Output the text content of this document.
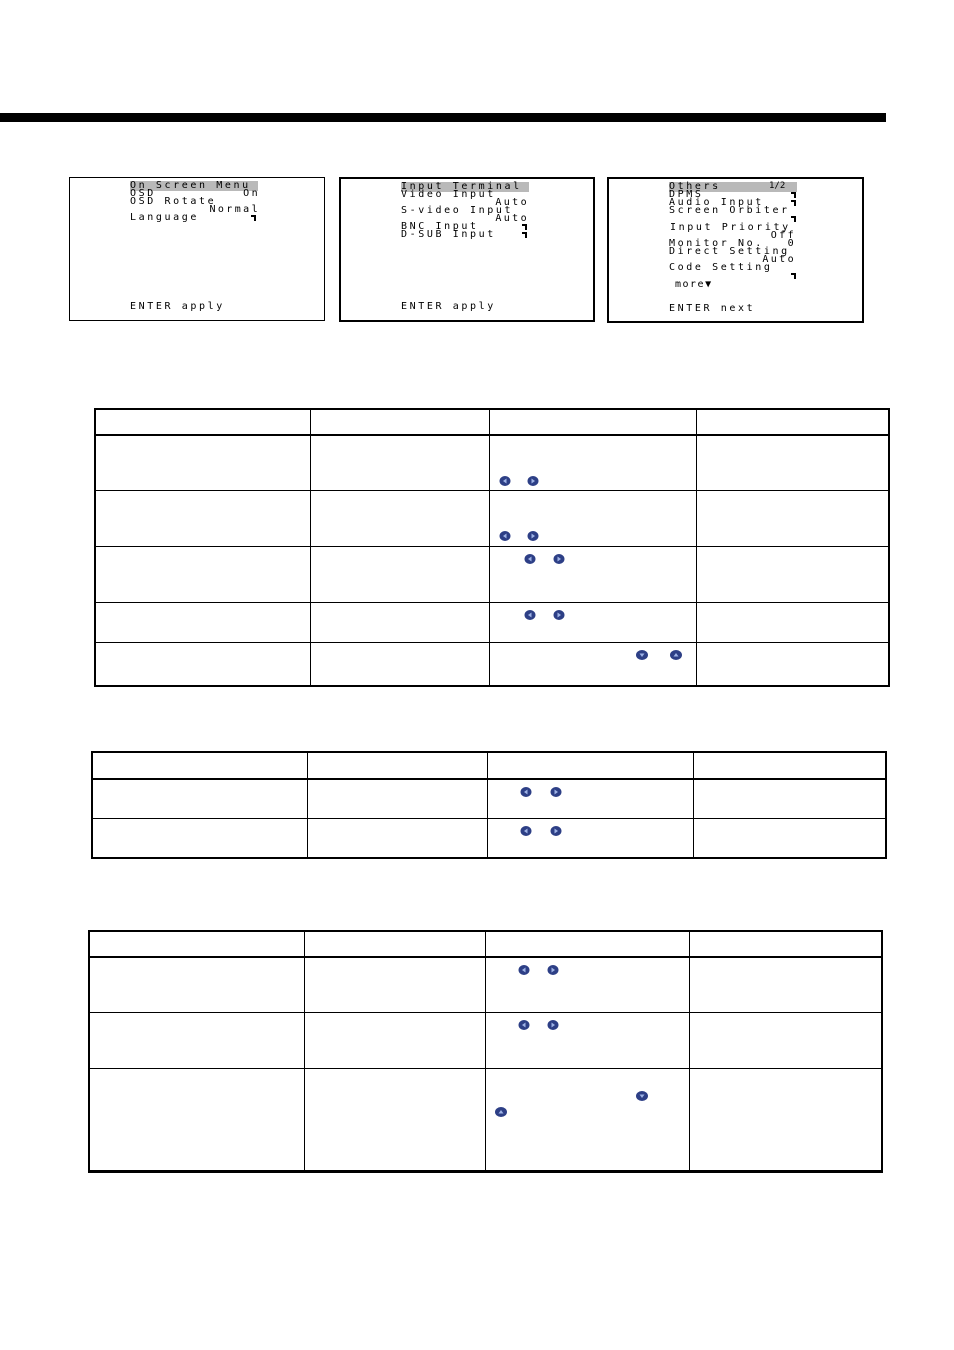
On Screen Menu
OSD	On
OSD Rotate
Normal
Language
ENTER apply
Input Terminal
Video Input
Auto
S-video Input
Auto
BNC Input
D-SUB Input
ENTER apply
Others	1/2
DPMS
Audio Input
Screen Orbiter
Input Priority
Off
Monitor No. 0
Direct Setting
Auto
Code Setting
more▼
ENTER next
